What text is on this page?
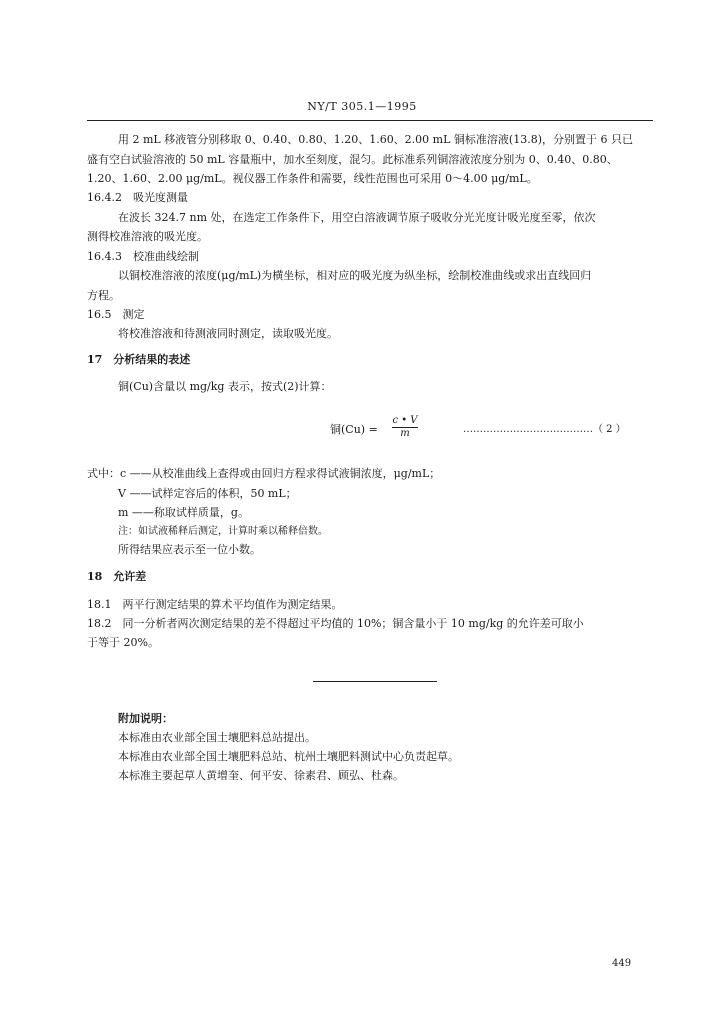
NY/T 305.1—1995
用 2 mL 移液管分别移取 0、0.40、0.80、1.20、1.60、2.00 mL 铜标准溶液(13.8)，分别置于 6 只已
盛有空白试验溶液的 50 mL 容量瓶中，加水至刻度，混匀。此标准系列铜溶液浓度分别为 0、0.40、0.80、
1.20、1.60、2.00 μg/mL。视仪器工作条件和需要，线性范围也可采用 0～4.00 μg/mL。
16.4.2　吸光度测量
在波长 324.7 nm 处，在选定工作条件下，用空白溶液调节原子吸收分光光度计吸光度至零，依次
测得校准溶液的吸光度。
16.4.3　校准曲线绘制
以铜校准溶液的浓度(μg/mL)为横坐标，相对应的吸光度为纵坐标，绘制校准曲线或求出直线回归
方程。
16.5　测定
将校准溶液和待测液同时测定，读取吸光度。
17　分析结果的表述
铜(Cu)含量以 mg/kg 表示，按式(2)计算：
铜(Cu) =
c • V
m	…………………………………（ 2 ）
式中：c ——从校准曲线上查得或由回归方程求得试液铜浓度，μg/mL；
V ——试样定容后的体积，50 mL；
m ——称取试样质量，g。
注：如试液稀释后测定，计算时乘以稀释倍数。
所得结果应表示至一位小数。
18　允许差
18.1　两平行测定结果的算术平均值作为测定结果。
18.2　同一分析者两次测定结果的差不得超过平均值的 10%；铜含量小于 10 mg/kg 的允许差可取小
于等于 20%。
附加说明：
本标准由农业部全国土壤肥料总站提出。
本标准由农业部全国土壤肥料总站、杭州土壤肥料测试中心负责起草。
本标准主要起草人黄增奎、何平安、徐素君、顾弘、杜森。
449
